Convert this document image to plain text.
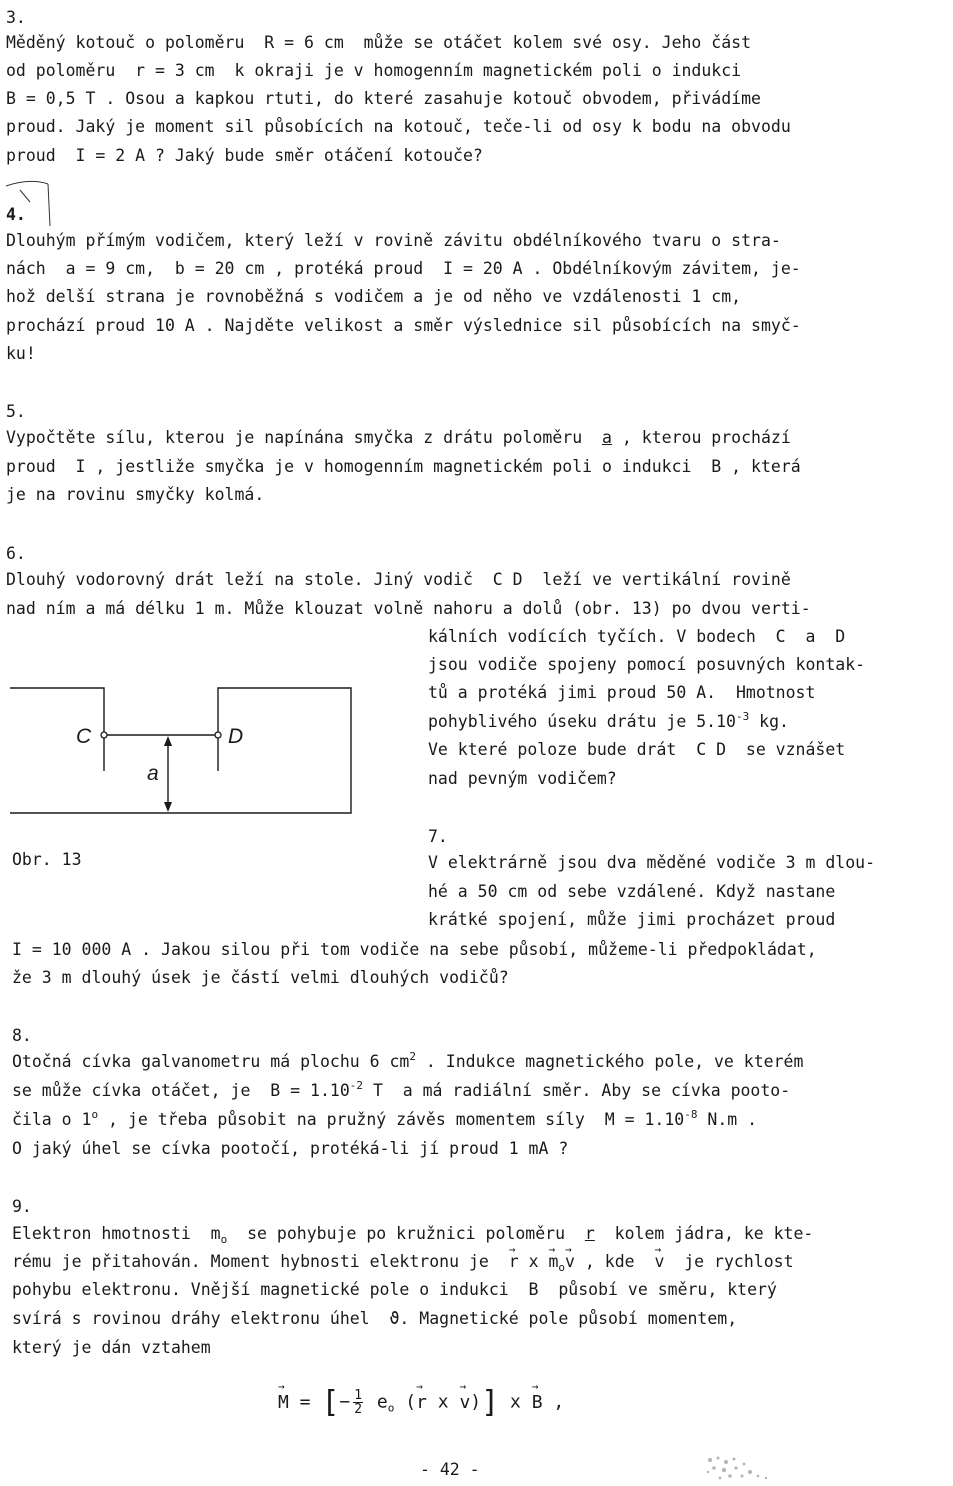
3.
Měděný kotouč o poloměru  R = 6 cm  může se otáčet kolem své osy. Jeho část
od poloměru  r = 3 cm  k okraji je v homogenním magnetickém poli o indukci
B = 0,5 T . Osou a kapkou rtuti, do které zasahuje kotouč obvodem, přivádíme
proud. Jaký je moment sil působících na kotouč, teče-li od osy k bodu na obvodu
proud  I = 2 A ? Jaký bude směr otáčení kotouče?
4.
Dlouhým přímým vodičem, který leží v rovině závitu obdélníkového tvaru o stra-
nách  a = 9 cm,  b = 20 cm , protéká proud  I = 20 A . Obdélníkovým závitem, je-
hož delší strana je rovnoběžná s vodičem a je od něho ve vzdálenosti 1 cm,
prochází proud 10 A . Najděte velikost a směr výslednice sil působících na smyč-
ku!
5.
Vypočtěte sílu, kterou je napínána smyčka z drátu poloměru  a , kterou prochází
proud  I , jestliže smyčka je v homogenním magnetickém poli o indukci  B , která
je na rovinu smyčky kolmá.
6.
Dlouhý vodorovný drát leží na stole. Jiný vodič  C D  leží ve vertikální rovině
nad ním a má délku 1 m. Může klouzat volně nahoru a dolů (obr. 13) po dvou verti-
kálních vodících tyčích. V bodech  C  a  D
jsou vodiče spojeny pomocí posuvných kontak-
tů a protéká jimi proud 50 A.  Hmotnost
pohyblivého úseku drátu je $5.10^{-3}$ kg.
Ve které poloze bude drát  C D  se vznášet
nad pevným vodičem?
C	D
a
Obr. 13
7.
V elektrárně jsou dva měděné vodiče 3 m dlou-
hé a 50 cm od sebe vzdálené. Když nastane
krátké spojení, může jimi procházet proud
I = 10 000 A . Jakou silou při tom vodiče na sebe působí, můžeme-li předpokládat,
že 3 m dlouhý úsek je částí velmi dlouhých vodičů?
8.
Otočná cívka galvanometru má plochu 6 $cm^2$ . Indukce magnetického pole, ve kterém
se může cívka otáčet, je  $B = 1.10^{-2}$ T  a má radiální směr. Aby se cívka pooto-
čila o 1$^o$ , je třeba působit na pružný závěs momentem síly  $M = 1.10^{-8}$ N.m .
O jaký úhel se cívka pootočí, protéká-li jí proud 1 mA ?
9.
Elektron hmotnosti  $m_o$  se pohybuje po kružnici poloměru  r  kolem jádra, ke kte-
rému je přitahován. Moment hybnosti elektronu je  → r $x \to m_o\to v$ , kde  → v  je rychlost
pohybu elektronu. Vnější magnetické pole o indukci  B  působí ve směru, který
svírá s rovinou dráhy elektronu úhel  ϑ. Magnetické pole působí momentem,
který je dán vztahem
→ M = [− $\frac{1}{2} e_o$ (→ r x → v)] x → B ,
- 42 -
